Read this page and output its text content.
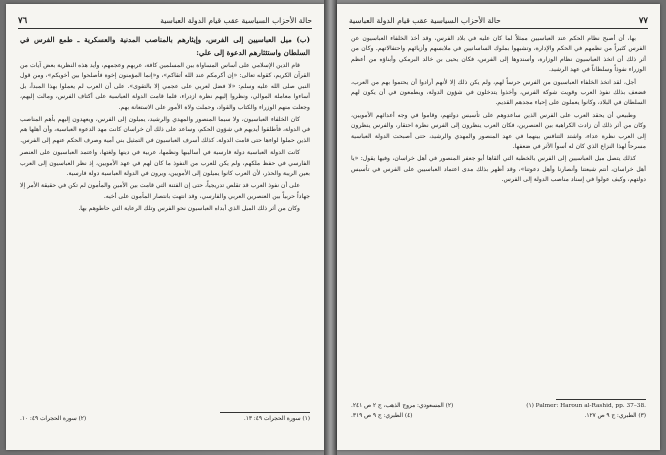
٧٦	حالة الأحزاب السياسية عقب قيام الدولة العباسية

(ب) ميل العباسيين إلى الفرس، وإيثارهم بالمناصب المدنية والعسكرية ـ طمع الفرس في السلطان واستئثارهم الدعوة إلى علي:

قام الدين الإسلامي على أساس المساواة بين المسلمين كافة، عربهم وعجمهم، وأيد هذه النظرية بعض آيات من القرآن الكريم، كقوله تعالى: «إن أكرمكم عند الله أتقاكم»، و«إنما المؤمنون إخوة فأصلحوا بين أخويكم»، ومن قول النبي صلى الله عليه وسلم: «لا فضل لعربي على عجمي إلا بالتقوى». على أن العرب لم يعملوا بهذا المبدأ، بل أساءوا معاملة الموالي، ونظروا إليهم نظرة ازدراء، فلما قامت الدولة العباسية على أكتاف الفرس، ومالت إليهم، وجعلت منهم الوزراء والكتاب والقواد، وحملت ولاة الأمور على الاستعانة بهم.

كان الخلفاء العباسيون، ولا سيما المنصور والمهدي والرشيد، يميلون إلى الفرس، ويعهدون إليهم بأهم المناصب في الدولة، فأطلقوا أيديهم في شؤون الحكم، وساعد على ذلك أن خراسان كانت مهد الدعوة العباسية، وأن أهلها هم الذين حملوا لواءها حتى قامت الدولة. كذلك أسرف العباسيون في التمثيل بني أمية وصرف الحكم عنهم إلى الفرس.

كانت الدولة العباسية دولة فارسية في أساليبها ونظمها، عربية في دينها ولغتها، واعتمد العباسيون على العنصر الفارسي في حفظ ملكهم، ولم يكن للعرب من النفوذ ما كان لهم في عهد الأمويين، إذ نظر العباسيون إلى العرب بعين الريبة والحذر، لأن العرب كانوا يميلون إلى الأمويين، ويرون في الدولة العباسية دولة فارسية.

على أن نفوذ العرب قد تقلص تدريجياً، حتى إن الفتنة التي قامت بين الأمين والمأمون لم تكن في حقيقة الأمر إلا جهاداً حربياً بين العنصرين العربي والفارسي، وقد انتهت بانتصار المأمون على أخيه.

وكان من أثر ذلك الميل الذي أبداه العباسيون نحو الفرس وتلك الرعاية التي حاطوهم بها.

(١) سورة الحجرات ٤٩: ١٣.
(٢) سورة الحجرات ٤٩: ١٠.
٧٧
حالة الأحزاب السياسية عقب قيام الدولة العباسية

بها، أن أصبح نظام الحكم عند العباسيين ممثلاً لما كان عليه في بلاد الفرس، وقد أخذ الخلفاء العباسيون عن الفرس كثيراً من نظمهم في الحكم والإدارة، وتشبهوا بملوك الساسانيين في ملابسهم وأزيائهم واحتفالاتهم. وكان من أثر ذلك أن اتخذ العباسيون نظام الوزارة، وأسندوها إلى الفرس، فكان يحيى بن خالد البرمكي وأبناؤه من أعظم الوزراء نفوذاً وسلطاناً في عهد الرشيد.

أجل، لقد اتخذ الخلفاء العباسيون من الفرس حرساً لهم، ولم يكن ذلك إلا لأنهم أرادوا أن يحتموا بهم من العرب، فضعف بذلك نفوذ العرب وقويت شوكة الفرس، وأخذوا يتدخلون في شؤون الدولة، ويطمعون في أن يكون لهم السلطان في البلاد، وكانوا يعملون على إحياء مجدهم القديم.

وطبيعي أن يحقد العرب على الفرس الذين ساعدوهم على تأسيس دولتهم، وقاموا في وجه أعدائهم الأمويين، وكان من أثر ذلك أن زادت الكراهية بين العنصرين، فكان العرب ينظرون إلى الفرس نظرة احتقار، والفرس ينظرون إلى العرب نظرة عداء، واشتد التنافس بينهما في عهد المنصور والمهدي والرشيد، حتى أصبحت الدولة العباسية مسرحاً لهذا النزاع الذي كان له أسوأ الأثر في ضعفها.

كذلك يتصل ميل العباسيين إلى الفرس بالخطبة التي ألقاها أبو جعفر المنصور في أهل خراسان، وفيها يقول: «يا أهل خراسان، أنتم شيعتنا وأنصارنا وأهل دعوتنا»، وقد أظهر بذلك مدى اعتماد العباسيين على الفرس في تأسيس دولتهم، وكيف عولوا في إسناد مناصب الدولة إلى الفرس.

(١) Palmer: Haroun al-Rashid, pp. 37–38.
(٢) المسعودي: مروج الذهب، ج ٢ ص ٢٤١.
(٣) الطبري: ج ٩ ص ١٢٧.
(٤) الطبري: ج ٩ ص ٣١٩.
